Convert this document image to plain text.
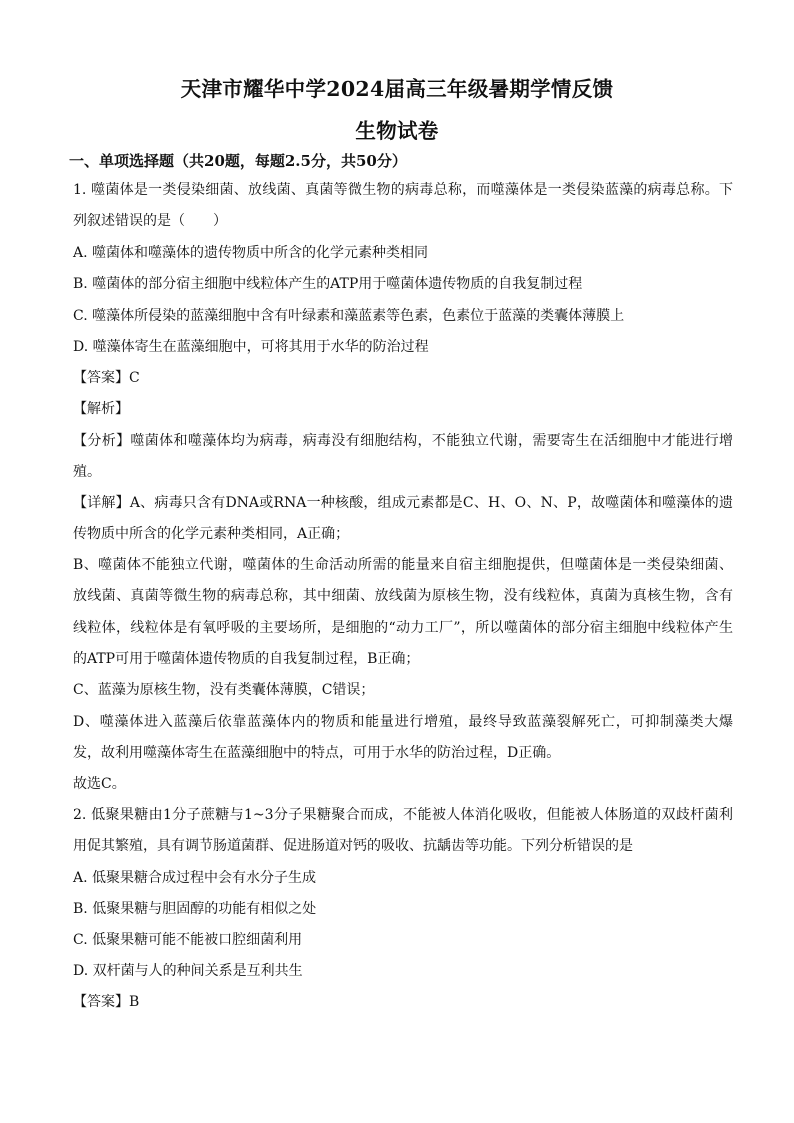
天津市耀华中学2024届高三年级暑期学情反馈
生物试卷
一、单项选择题（共20题，每题2.5分，共50分）
1. 噬菌体是一类侵染细菌、放线菌、真菌等微生物的病毒总称，而噬藻体是一类侵染蓝藻的病毒总称。下
列叙述错误的是（　　）
A. 噬菌体和噬藻体的遗传物质中所含的化学元素种类相同
B. 噬菌体的部分宿主细胞中线粒体产生的ATP用于噬菌体遗传物质的自我复制过程
C. 噬藻体所侵染的蓝藻细胞中含有叶绿素和藻蓝素等色素，色素位于蓝藻的类囊体薄膜上
D. 噬藻体寄生在蓝藻细胞中，可将其用于水华的防治过程
【答案】C
【解析】
【分析】噬菌体和噬藻体均为病毒，病毒没有细胞结构，不能独立代谢，需要寄生在活细胞中才能进行增
殖。
【详解】A、病毒只含有DNA或RNA一种核酸，组成元素都是C、H、O、N、P，故噬菌体和噬藻体的遗
传物质中所含的化学元素种类相同，A正确；
B、噬菌体不能独立代谢，噬菌体的生命活动所需的能量来自宿主细胞提供，但噬菌体是一类侵染细菌、
放线菌、真菌等微生物的病毒总称，其中细菌、放线菌为原核生物，没有线粒体，真菌为真核生物，含有
线粒体，线粒体是有氧呼吸的主要场所，是细胞的“动力工厂”，所以噬菌体的部分宿主细胞中线粒体产生
的ATP可用于噬菌体遗传物质的自我复制过程，B正确；
C、蓝藻为原核生物，没有类囊体薄膜，C错误；
D、噬藻体进入蓝藻后依靠蓝藻体内的物质和能量进行增殖，最终导致蓝藻裂解死亡，可抑制藻类大爆
发，故利用噬藻体寄生在蓝藻细胞中的特点，可用于水华的防治过程，D正确。
故选C。
2. 低聚果糖由1分子蔗糖与1~3分子果糖聚合而成，不能被人体消化吸收，但能被人体肠道的双歧杆菌利
用促其繁殖，具有调节肠道菌群、促进肠道对钙的吸收、抗龋齿等功能。下列分析错误的是
A. 低聚果糖合成过程中会有水分子生成
B. 低聚果糖与胆固醇的功能有相似之处
C. 低聚果糖可能不能被口腔细菌利用
D. 双杆菌与人的种间关系是互利共生
【答案】B
